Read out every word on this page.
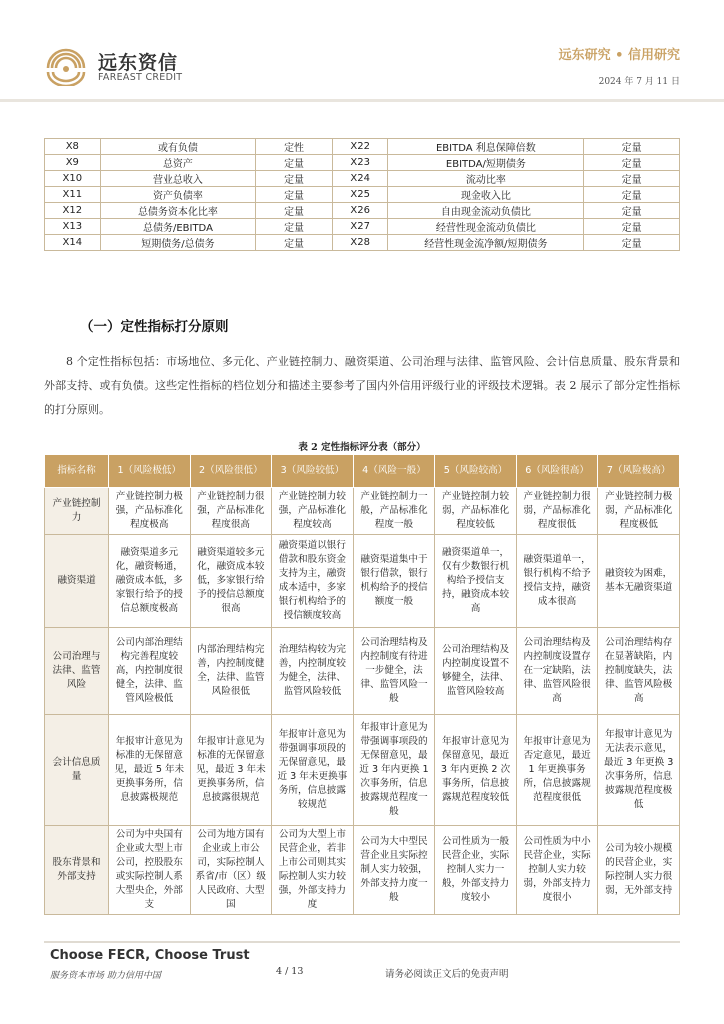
远东资信
FAREAST CREDIT
远东研究 • 信用研究
2024 年 7 月 11 日
X8	或有负债	定性	X22	EBITDA 利息保障倍数	定量
X9	总资产	定量	X23	EBITDA/短期债务	定量
X10	营业总收入	定量	X24	流动比率	定量
X11	资产负债率	定量	X25	现金收入比	定量
X12	总债务资本化比率	定量	X26	自由现金流动负债比	定量
X13	总债务/EBITDA	定量	X27	经营性现金流动负债比	定量
X14	短期债务/总债务	定量	X28	经营性现金流净额/短期债务	定量
（一）定性指标打分原则
8 个定性指标包括：市场地位、多元化、产业链控制力、融资渠道、公司治理与法律、监管风险、会计信息质量、股东背景和外部支持、或有负债。这些定性指标的档位划分和描述主要参考了国内外信用评级行业的评级技术逻辑。表 2 展示了部分定性指标的打分原则。
表 2 定性指标评分表（部分）
指标名称	1（风险极低）	2（风险很低）	3（风险较低）	4（风险一般）	5（风险较高）	6（风险很高）	7（风险极高）
产业链控制力	产业链控制力极强，产品标准化程度极高	产业链控制力很强，产品标准化程度很高	产业链控制力较强，产品标准化程度较高	产业链控制力一般，产品标准化程度一般	产业链控制力较弱，产品标准化程度较低	产业链控制力很弱，产品标准化程度很低	产业链控制力极弱，产品标准化程度极低
融资渠道	融资渠道多元化，融资畅通，融资成本低，多家银行给予的授信总额度极高	融资渠道较多元化，融资成本较低，多家银行给予的授信总额度很高	融资渠道以银行借款和股东资金支持为主，融资成本适中，多家银行机构给予的授信额度较高	融资渠道集中于银行借款，银行机构给予的授信额度一般	融资渠道单一，仅有少数银行机构给予授信支持，融资成本较高	融资渠道单一，银行机构不给予授信支持，融资成本很高	融资较为困难，基本无融资渠道
公司治理与法律、监管风险	公司内部治理结构完善程度较高，内控制度很健全，法律、监管风险极低	内部治理结构完善，内控制度健全，法律、监管风险很低	治理结构较为完善，内控制度较为健全，法律、监管风险较低	公司治理结构及内控制度有待进一步健全，法律、监管风险一般	公司治理结构及内控制度设置不够健全，法律、监管风险较高	公司治理结构及内控制度设置存在一定缺陷，法律、监管风险很高	公司治理结构存在显著缺陷，内控制度缺失，法律、监管风险极高
会计信息质量	年报审计意见为标准的无保留意见，最近 5 年未更换事务所，信息披露极规范	年报审计意见为标准的无保留意见，最近 3 年未更换事务所，信息披露很规范	年报审计意见为带强调事项段的无保留意见，最近 3 年未更换事务所，信息披露较规范	年报审计意见为带强调事项段的无保留意见，最近 3 年内更换 1 次事务所，信息披露规范程度一般	年报审计意见为保留意见，最近 3 年内更换 2 次事务所，信息披露规范程度较低	年报审计意见为否定意见，最近 1 年更换事务所，信息披露规范程度很低	年报审计意见为无法表示意见，最近 3 年更换 3 次事务所，信息披露规范程度极低
股东背景和外部支持	公司为中央国有企业或大型上市公司，控股股东或实际控制人系大型央企，外部支	公司为地方国有企业或上市公司，实际控制人系省/市（区）级人民政府、大型国	公司为大型上市民营企业，若非上市公司则其实际控制人实力较强，外部支持力度	公司为大中型民营企业且实际控制人实力较强，外部支持力度一般	公司性质为一般民营企业，实际控制人实力一般，外部支持力度较小	公司性质为中小民营企业，实际控制人实力较弱，外部支持力度很小	公司为较小规模的民营企业，实际控制人实力很弱，无外部支持
Choose FECR, Choose Trust
服务资本市场 助力信用中国	4 / 13	请务必阅读正文后的免责声明
